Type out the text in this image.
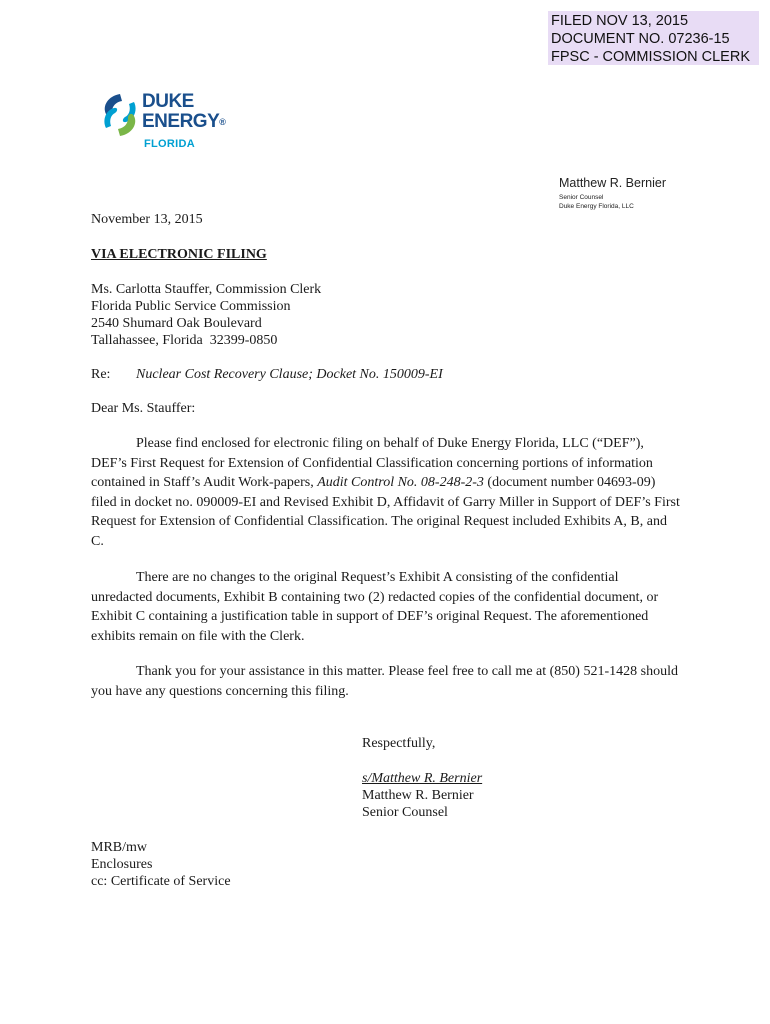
FILED NOV 13, 2015
DOCUMENT NO. 07236-15
FPSC - COMMISSION CLERK
DUKE
ENERGY®
FLORIDA
Matthew R. Bernier
Senior Counsel
Duke Energy Florida, LLC
November 13, 2015
VIA ELECTRONIC FILING
Ms. Carlotta Stauffer, Commission Clerk
Florida Public Service Commission
2540 Shumard Oak Boulevard
Tallahassee, Florida  32399-0850
Re: Nuclear Cost Recovery Clause; Docket No. 150009-EI
Dear Ms. Stauffer:
Please find enclosed for electronic filing on behalf of Duke Energy Florida, LLC (“DEF”), DEF’s First Request for Extension of Confidential Classification concerning portions of information contained in Staff’s Audit Work-papers, Audit Control No. 08-248-2-3 (document number 04693-09) filed in docket no. 090009-EI and Revised Exhibit D, Affidavit of Garry Miller in Support of DEF’s First Request for Extension of Confidential Classification. The original Request included Exhibits A, B, and C.
There are no changes to the original Request’s Exhibit A consisting of the confidential unredacted documents, Exhibit B containing two (2) redacted copies of the confidential document, or Exhibit C containing a justification table in support of DEF’s original Request. The aforementioned exhibits remain on file with the Clerk.
Thank you for your assistance in this matter. Please feel free to call me at (850) 521-1428 should you have any questions concerning this filing.
Respectfully,
s/Matthew R. Bernier
Matthew R. Bernier
Senior Counsel
MRB/mw
Enclosures
cc: Certificate of Service
